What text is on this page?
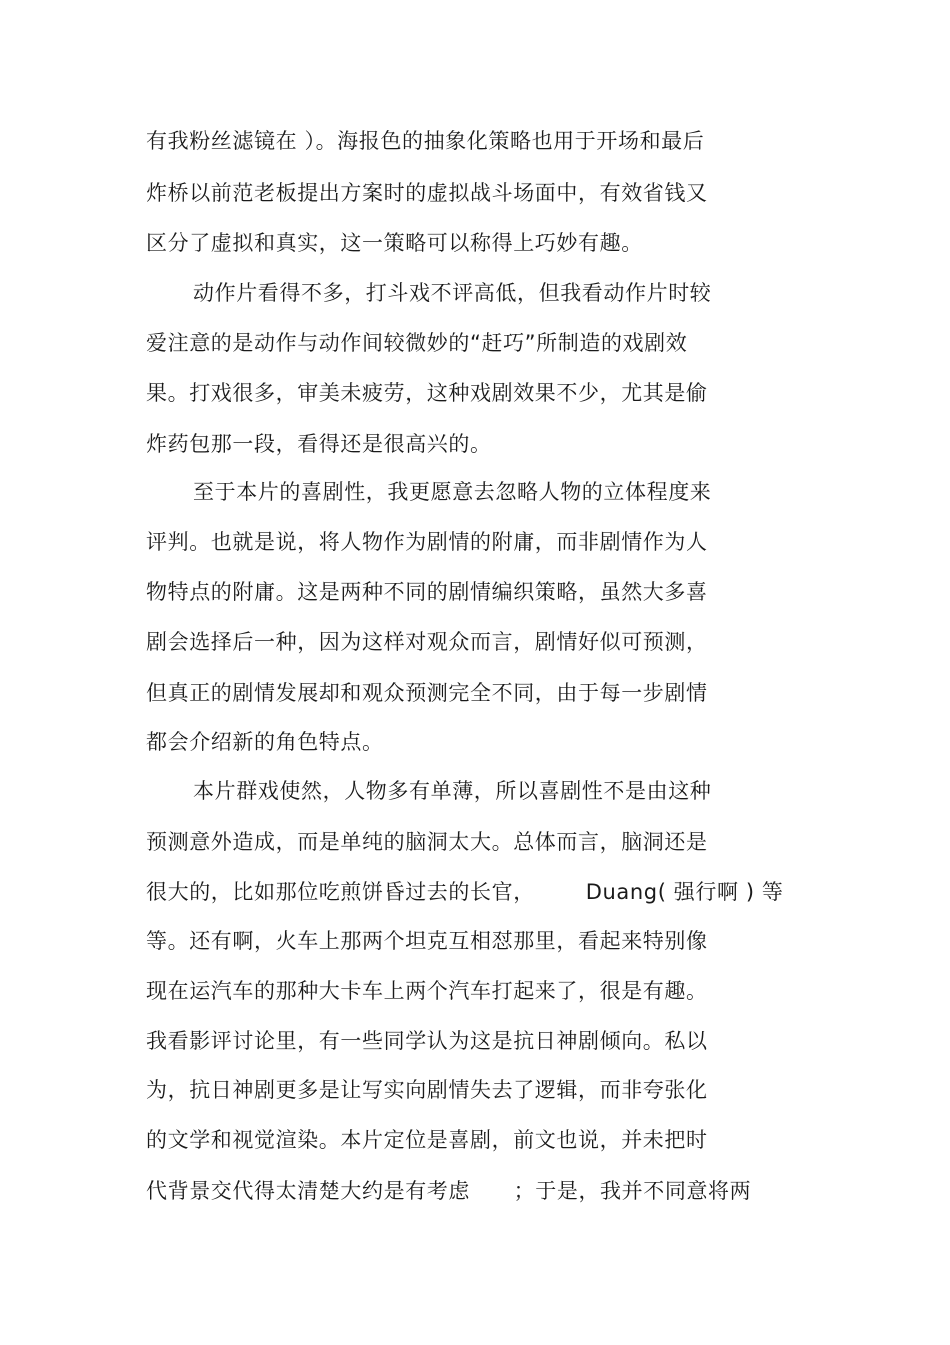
有我粉丝滤镜在 ）。海报色的抽象化策略也用于开场和最后
炸桥以前范老板提出方案时的虚拟战斗场面中，有效省钱又
区分了虚拟和真实，这一策略可以称得上巧妙有趣。
动作片看得不多，打斗戏不评高低，但我看动作片时较
爱注意的是动作与动作间较微妙的“赶巧”所制造的戏剧效
果。打戏很多，审美未疲劳，这种戏剧效果不少，尤其是偷
炸药包那一段，看得还是很高兴的。
至于本片的喜剧性，我更愿意去忽略人物的立体程度来
评判。也就是说，将人物作为剧情的附庸，而非剧情作为人
物特点的附庸。这是两种不同的剧情编织策略，虽然大多喜
剧会选择后一种，因为这样对观众而言，剧情好似可预测，
但真正的剧情发展却和观众预测完全不同，由于每一步剧情
都会介绍新的角色特点。
本片群戏使然，人物多有单薄，所以喜剧性不是由这种
预测意外造成，而是单纯的脑洞太大。总体而言，脑洞还是
很大的，比如那位吃煎饼昏过去的长官，       Duang( 强行啊 ) 等
等。还有啊，火车上那两个坦克互相怼那里，看起来特别像
现在运汽车的那种大卡车上两个汽车打起来了，很是有趣。
我看影评讨论里，有一些同学认为这是抗日神剧倾向。私以
为，抗日神剧更多是让写实向剧情失去了逻辑，而非夸张化
的文学和视觉渲染。本片定位是喜剧，前文也说，并未把时
代背景交代得太清楚大约是有考虑      ；于是，我并不同意将两
